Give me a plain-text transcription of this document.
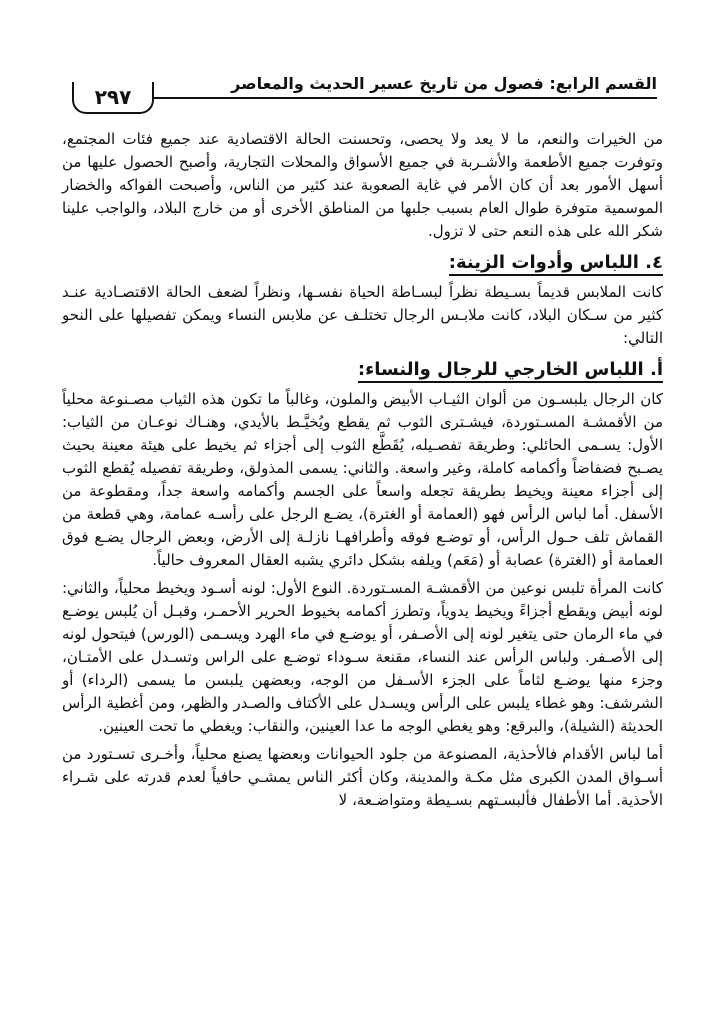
القسم الرابع: فصول من تاريخ عسير الحديث والمعاصر
٢٩٧

من الخيرات والنعم، ما لا يعد ولا يحصى، وتحسنت الحالة الاقتصادية عند جميع فئات المجتمع، وتوفرت جميع الأطعمة والأشـربة في جميع الأسواق والمحلات التجارية، وأصبح الحصول عليها من أسهل الأمور بعد أن كان الأمر في غاية الصعوبة عند كثير من الناس، وأصبحت الفواكه والخضار الموسمية متوفرة طوال العام بسبب جلبها من المناطق الأخرى أو من خارج البلاد، والواجب علينا شكر الله على هذه النعم حتى لا تزول.

٤. اللباس وأدوات الزينة:

كانت الملابس قديماً بسـيطة نظراً لبسـاطة الحياة نفسـها، ونظراً لضعف الحالة الاقتصـادية عنـد كثير من سـكان البلاد، كانت ملابـس الرجال تختلـف عن ملابس النساء ويمكن تفصيلها على النحو التالي:

أ. اللباس الخارجي للرجال والنساء:

كان الرجال يلبسـون من ألوان الثيـاب الأبيض والملون، وغالباً ما تكون هذه الثياب مصـنوعة محلياً من الأقمشـة المسـتوردة، فيشـترى الثوب ثم يقطع ويُخيَّـط بالأيدي، وهنـاك نوعـان من الثياب: الأول: يسـمى الحائلي: وطريقة تفصـيله، يُقَطَّع الثوب إلى أجزاء ثم يخيط على هيئة معينة بحيث يصـبح فضفاضاً وأكمامه كاملة، وغير واسعة. والثاني: يسمى المذولق، وطريقة تفصيله يُقطع الثوب إلى أجزاء معينة ويخيط بطريقة تجعله واسعاً على الجسم وأكمامه واسعة جداً، ومقطوعة من الأسفل. أما لباس الرأس فهو (العمامة أو الغترة)، يضـع الرجل على رأسـه عمامة، وهي قطعة من القماش تلف حـول الرأس، أو توضـع فوقه وأطرافهـا نازلـة إلى الأرض، وبعض الرجال يضـع فوق العمامة أو (الغترة) عصابة أو (مَعَم) ويلفه بشكل دائري يشبه العقال المعروف حالياً.

كانت المرأة تلبس نوعين من الأقمشـة المسـتوردة. النوع الأول: لونه أسـود ويخيط محلياً، والثاني: لونه أبيض ويقطع أجزاءً ويخيط يدوياً، وتطرز أكمامه بخيوط الحرير الأحمـر، وقبـل أن يُلبس يوضـع في ماء الرمان حتى يتغير لونه إلى الأصـفر، أو يوضـع في ماء الهرد ويسـمى (الورس) فيتحول لونه إلى الأصـفر. ولباس الرأس عند النساء، مقنعة سـوداء توضـع على الراس وتسـدل على الأمتـان، وجزء منها يوضـع لثاماً على الجزء الأسـفل من الوجه، وبعضهن يلبسن ما يسمى (الرداء) أو الشرشف: وهو غطاء يلبس على الرأس ويسـدل على الأكتاف والصـدر والظهر، ومن أغطية الرأس الحديثة (الشيلة)، والبرقع: وهو يغطي الوجه ما عدا العينين، والنقاب: ويغطي ما تحت العينين.

أما لباس الأقدام فالأحذية، المصنوعة من جلود الحيوانات وبعضها يصنع محلياً، وأخـرى تسـتورد من أسـواق المدن الكبرى مثل مكـة والمدينة، وكان أكثر الناس يمشـي حافياً لعدم قدرته على شـراء الأحذية. أما الأطفال فألبسـتهم بسـيطة ومتواضـعة، لا
